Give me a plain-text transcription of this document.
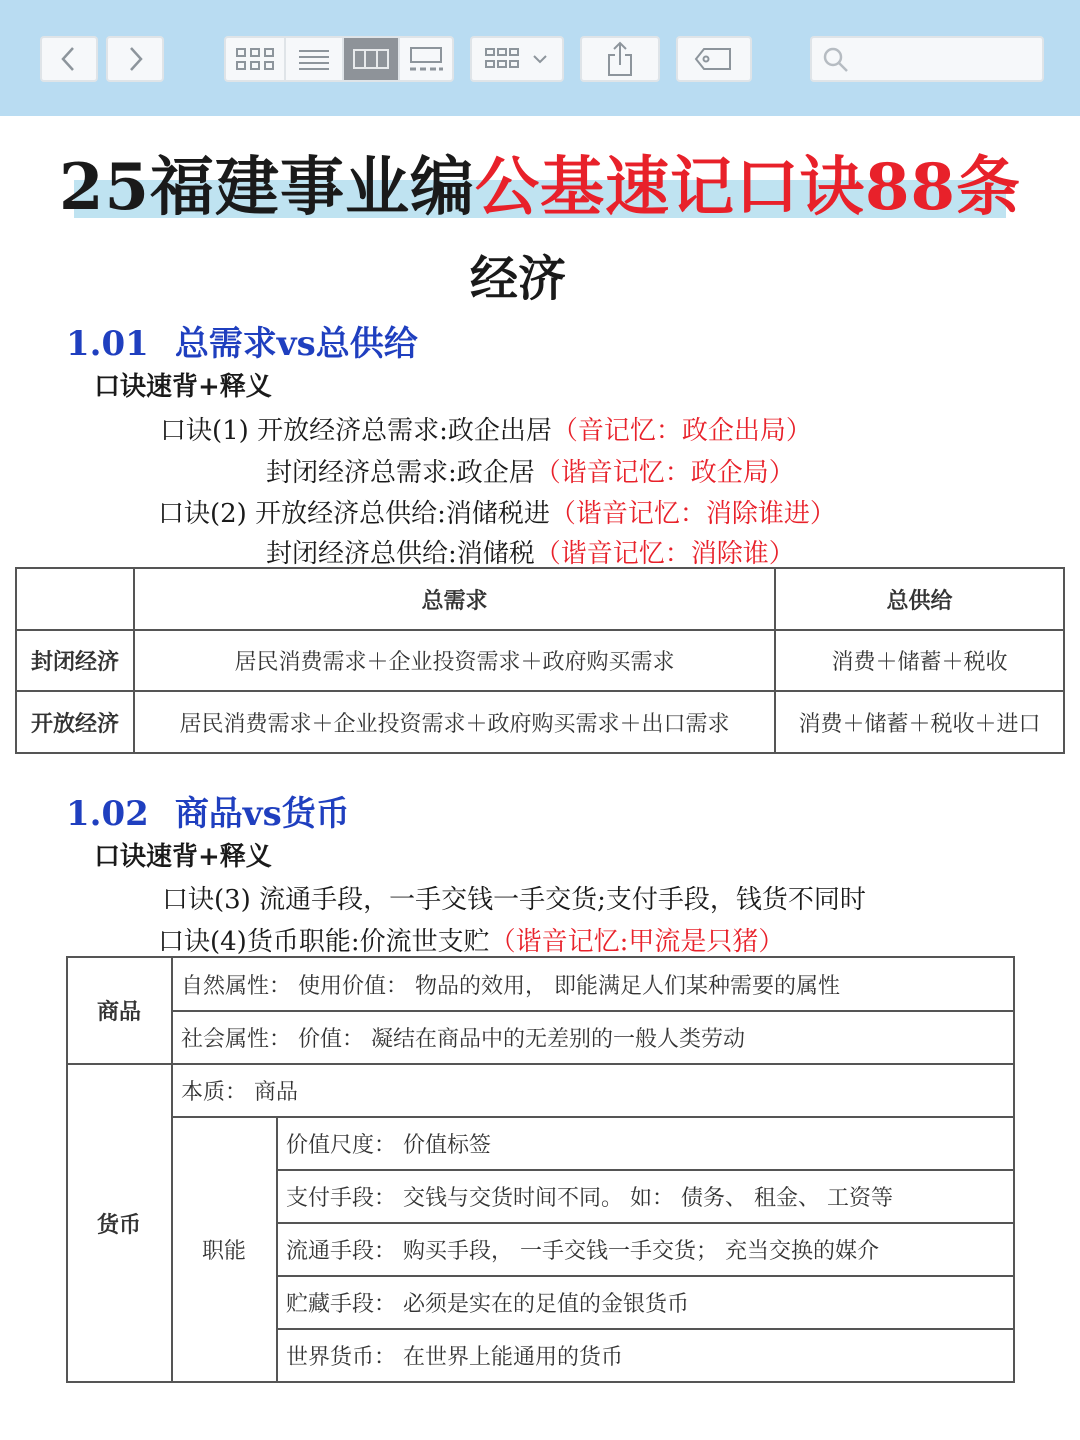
25福建事业编公基速记口诀88条
经济
1.01 总需求vs总供给
口诀速背+释义
口诀(1) 开放经济总需求:政企出居（音记忆：政企出局）
封闭经济总需求:政企居（谐音记忆：政企局）
口诀(2) 开放经济总供给:消储税进（谐音记忆：消除谁进）
封闭经济总供给:消储税（谐音记忆：消除谁）
	总需求	总供给
封闭经济	居民消费需求＋企业投资需求＋政府购买需求	消费＋储蓄＋税收
开放经济	居民消费需求＋企业投资需求＋政府购买需求＋出口需求	消费＋储蓄＋税收＋进口
1.02 商品vs货币
口诀速背+释义
口诀(3) 流通手段，一手交钱一手交货;支付手段，钱货不同时
口诀(4)货币职能:价流世支贮（谐音记忆:甲流是只猪）
商品	自然属性： 使用价值： 物品的效用， 即能满足人们某种需要的属性	
	社会属性： 价值： 凝结在商品中的无差别的一般人类劳动	
货币	本质： 商品	
	职能	价值尺度： 价值标签
		支付手段： 交钱与交货时间不同。 如： 债务、 租金、 工资等
		流通手段： 购买手段， 一手交钱一手交货； 充当交换的媒介
		贮藏手段： 必须是实在的足值的金银货币
		世界货币： 在世界上能通用的货币
